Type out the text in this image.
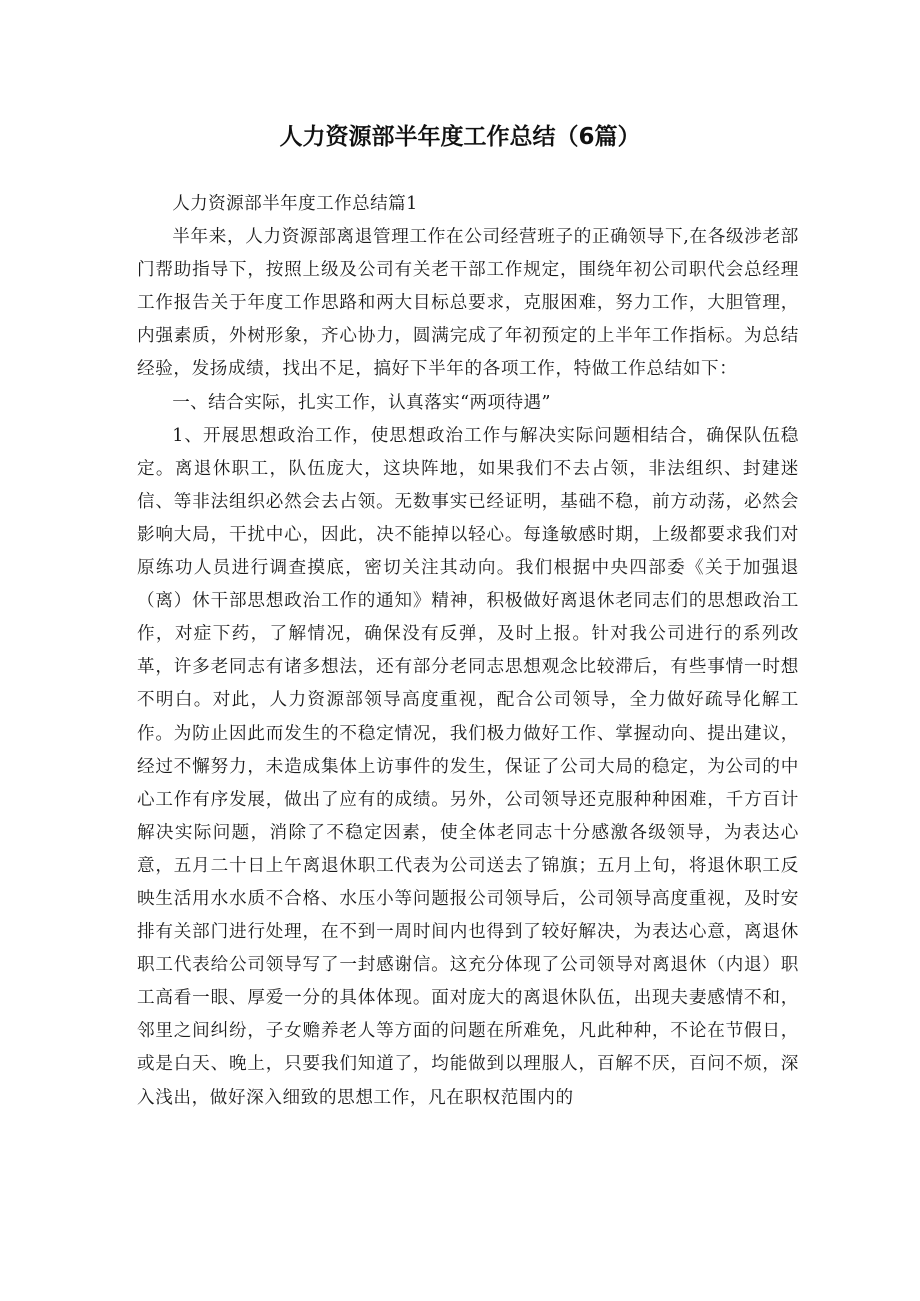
人力资源部半年度工作总结（6篇）

人力资源部半年度工作总结篇1

半年来，人力资源部离退管理工作在公司经营班子的正确领导下,在各级涉老部门帮助指导下，按照上级及公司有关老干部工作规定，围绕年初公司职代会总经理工作报告关于年度工作思路和两大目标总要求，克服困难，努力工作，大胆管理，内强素质，外树形象，齐心协力，圆满完成了年初预定的上半年工作指标。为总结经验，发扬成绩，找出不足，搞好下半年的各项工作，特做工作总结如下：

一、结合实际，扎实工作，认真落实“两项待遇”

1、开展思想政治工作，使思想政治工作与解决实际问题相结合，确保队伍稳定。离退休职工，队伍庞大，这块阵地，如果我们不去占领，非法组织、封建迷信、等非法组织必然会去占领。无数事实已经证明，基础不稳，前方动荡，必然会影响大局，干扰中心，因此，决不能掉以轻心。每逢敏感时期，上级都要求我们对原练功人员进行调查摸底，密切关注其动向。我们根据中央四部委《关于加强退（离）休干部思想政治工作的通知》精神，积极做好离退休老同志们的思想政治工作，对症下药，了解情况，确保没有反弹，及时上报。针对我公司进行的系列改革，许多老同志有诸多想法，还有部分老同志思想观念比较滞后，有些事情一时想不明白。对此，人力资源部领导高度重视，配合公司领导，全力做好疏导化解工作。为防止因此而发生的不稳定情况，我们极力做好工作、掌握动向、提出建议，经过不懈努力，未造成集体上访事件的发生，保证了公司大局的稳定，为公司的中心工作有序发展，做出了应有的成绩。另外，公司领导还克服种种困难，千方百计解决实际问题，消除了不稳定因素，使全体老同志十分感激各级领导，为表达心意，五月二十日上午离退休职工代表为公司送去了锦旗；五月上旬，将退休职工反映生活用水水质不合格、水压小等问题报公司领导后，公司领导高度重视，及时安排有关部门进行处理，在不到一周时间内也得到了较好解决，为表达心意，离退休职工代表给公司领导写了一封感谢信。这充分体现了公司领导对离退休（内退）职工高看一眼、厚爱一分的具体体现。面对庞大的离退休队伍，出现夫妻感情不和，邻里之间纠纷，子女赡养老人等方面的问题在所难免，凡此种种，不论在节假日，或是白天、晚上，只要我们知道了，均能做到以理服人，百解不厌，百问不烦，深入浅出，做好深入细致的思想工作，凡在职权范围内的
